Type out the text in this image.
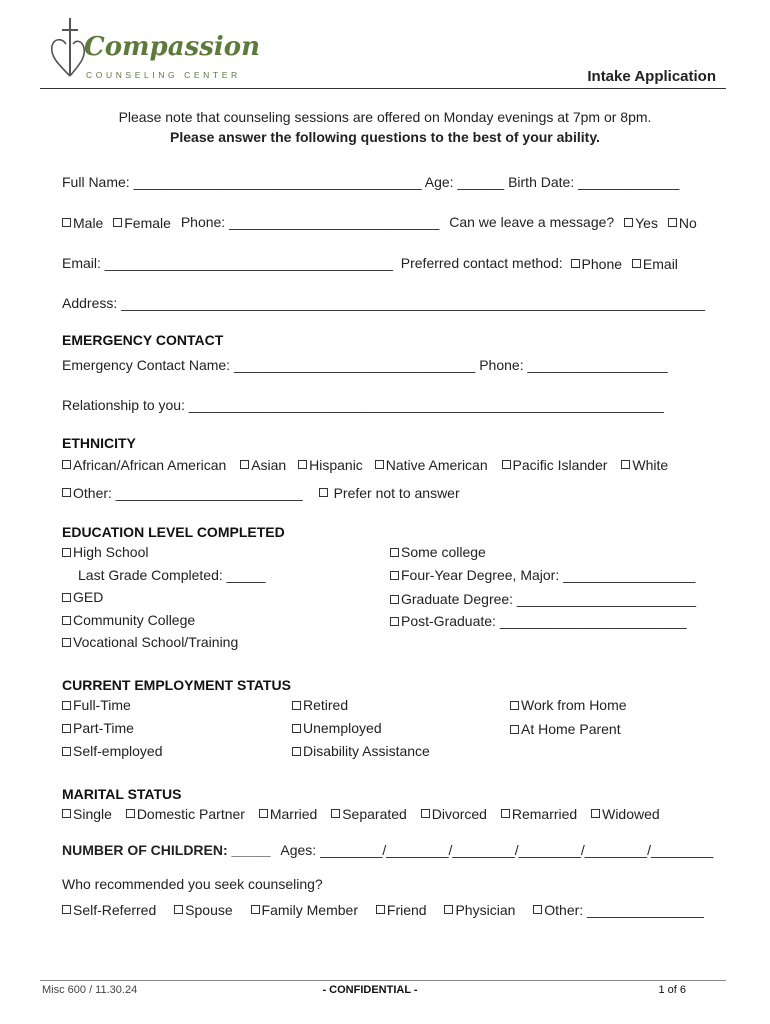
Compassion
COUNSELING CENTER	Intake Application
Please note that counseling sessions are offered on Monday evenings at 7pm or 8pm.
Please answer the following questions to the best of your ability.
Full Name: _____________________________________ Age: ______ Birth Date: _____________
Male
Female Phone: ___________________________ Can we leave a message? Yes
No
Email: _____________________________________ Preferred contact method: Phone
Email
Address: ___________________________________________________________________________
EMERGENCY CONTACT
Emergency Contact Name: _______________________________ Phone: __________________
Relationship to you: _____________________________________________________________
ETHNICITY
African/African American
Asian
Hispanic
Native American
Pacific Islander
White
Other: ________________________
Prefer not to answer
EDUCATION LEVEL COMPLETED
High School
Last Grade Completed: _____
GED
Community College
Vocational School/Training
Some college
Four-Year Degree, Major: _________________
Graduate Degree: _______________________
Post-Graduate: ________________________
CURRENT EMPLOYMENT STATUS
Full-Time
Part-Time
Self-employed
Retired
Unemployed
Disability Assistance
Work from Home
At Home Parent
MARITAL STATUS
Single
Domestic Partner
Married
Separated
Divorced
Remarried
Widowed
NUMBER OF CHILDREN: _____ Ages: ________/________/________/________/________/________
Who recommended you seek counseling?
Self-Referred
Spouse
Family Member
Friend
Physician
Other: _______________
Misc 600 / 11.30.24	- CONFIDENTIAL -	1 of 6
